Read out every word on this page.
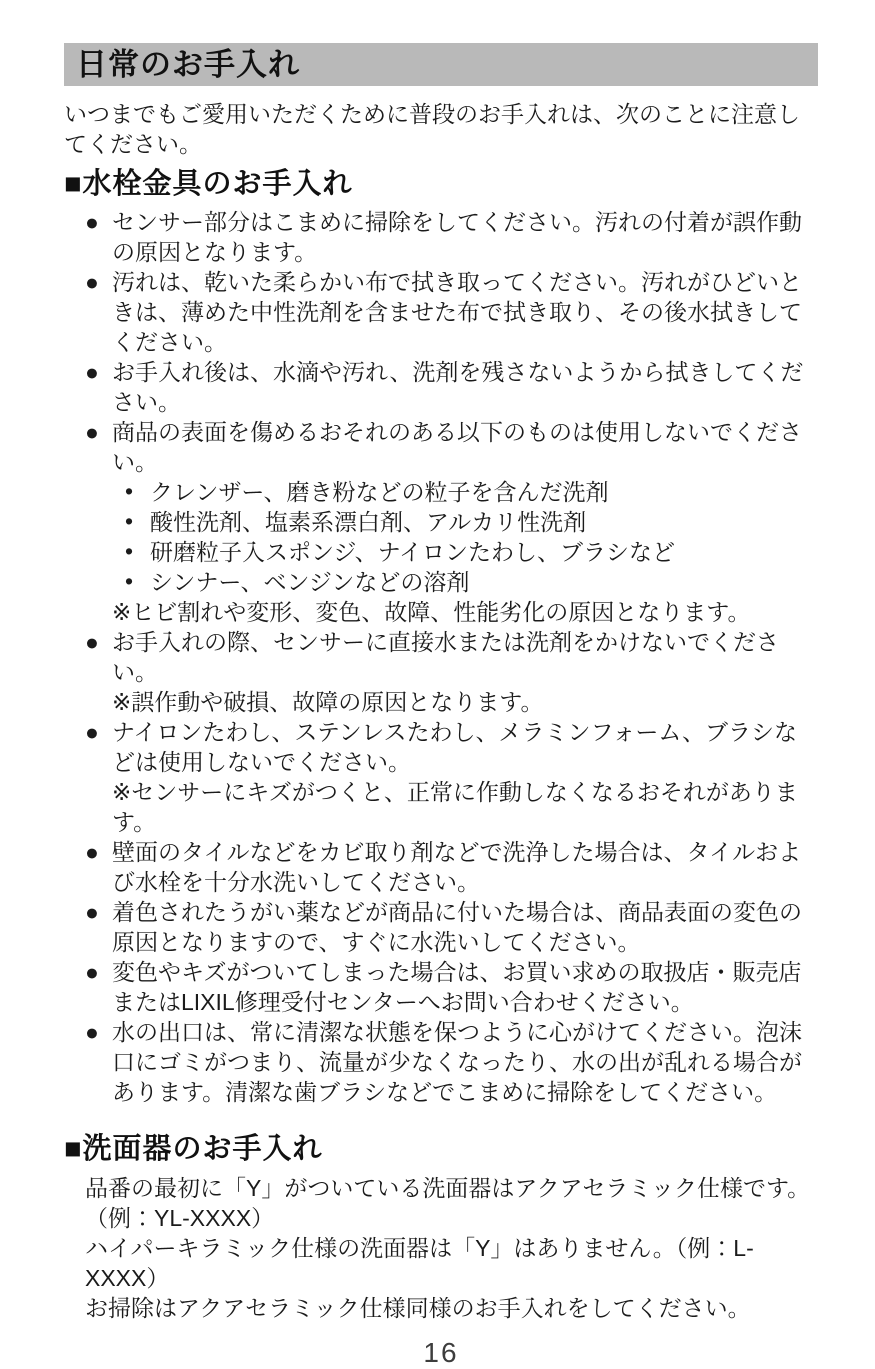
日常のお手入れ

いつまでもご愛用いただくために普段のお手入れは、次のことに注意してください。

■水栓金具のお手入れ
● センサー部分はこまめに掃除をしてください。汚れの付着が誤作動の原因となります。
● 汚れは、乾いた柔らかい布で拭き取ってください。汚れがひどいときは、薄めた中性洗剤を含ませた布で拭き取り、その後水拭きしてください。
● お手入れ後は、水滴や汚れ、洗剤を残さないようから拭きしてください。
● 商品の表面を傷めるおそれのある以下のものは使用しないでください。
• クレンザー、磨き粉などの粒子を含んだ洗剤
• 酸性洗剤、塩素系漂白剤、アルカリ性洗剤
• 研磨粒子入スポンジ、ナイロンたわし、ブラシなど
• シンナー、ベンジンなどの溶剤
※ヒビ割れや変形、変色、故障、性能劣化の原因となります。
● お手入れの際、センサーに直接水または洗剤をかけないでください。
※誤作動や破損、故障の原因となります。
● ナイロンたわし、ステンレスたわし、メラミンフォーム、ブラシなどは使用しないでください。
※センサーにキズがつくと、正常に作動しなくなるおそれがあります。
● 壁面のタイルなどをカビ取り剤などで洗浄した場合は、タイルおよび水栓を十分水洗いしてください。
● 着色されたうがい薬などが商品に付いた場合は、商品表面の変色の原因となりますので、すぐに水洗いしてください。
● 変色やキズがついてしまった場合は、お買い求めの取扱店・販売店またはLIXIL修理受付センターへお問い合わせください。
● 水の出口は、常に清潔な状態を保つように心がけてください。泡沫口にゴミがつまり、流量が少なくなったり、水の出が乱れる場合があります。清潔な歯ブラシなどでこまめに掃除をしてください。
■洗面器のお手入れ
品番の最初に「Y」がついている洗面器はアクアセラミック仕様です。
（例：YL-XXXX）
ハイパーキラミック仕様の洗面器は「Y」はありません。（例：L-XXXX）
お掃除はアクアセラミック仕様同様のお手入れをしてください。
16
